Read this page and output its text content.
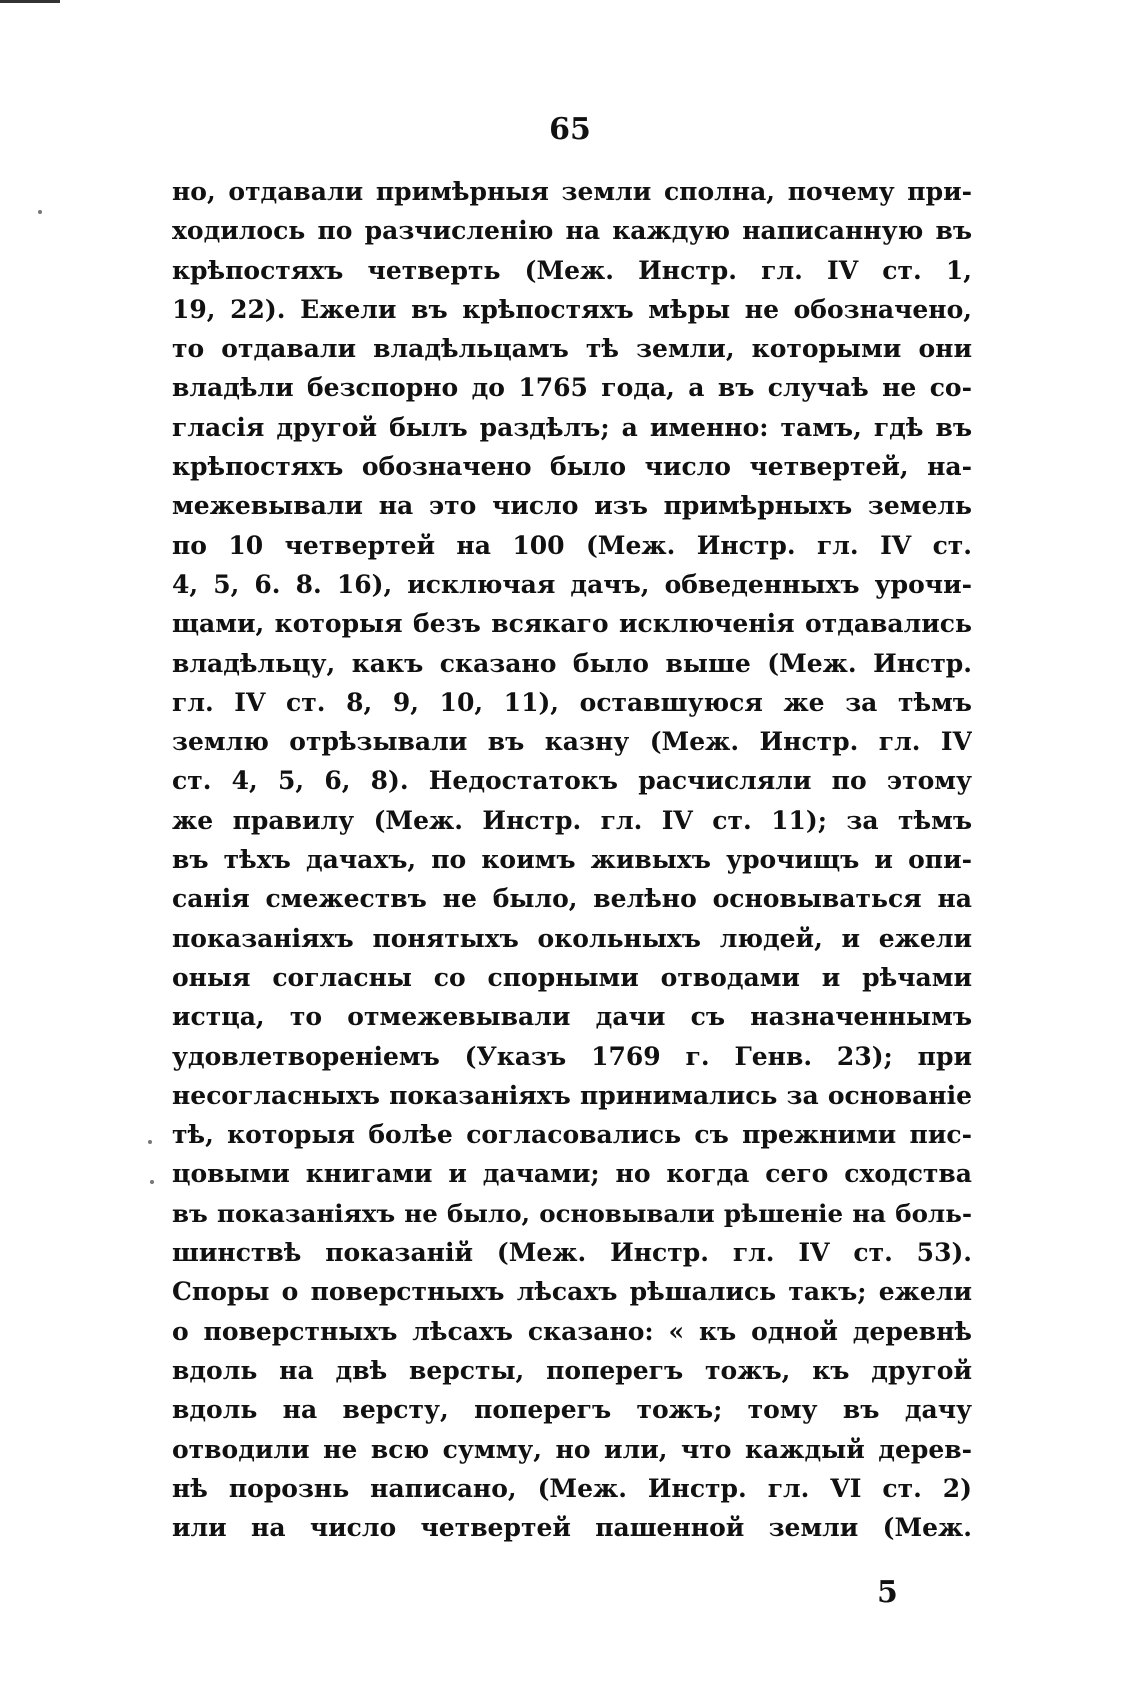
65
но, отдавали примѣрныя земли сполна, почему при-
ходилось по разчисленію на каждую написанную въ
крѣпостяхъ четверть (Меж. Инстр. гл. IV ст. 1,
19, 22). Ежели въ крѣпостяхъ мѣры не обозначено,
то отдавали владѣльцамъ тѣ земли, которыми они
владѣли безспорно до 1765 года, а въ случаѣ не со-
гласія другой былъ раздѣлъ; а именно: тамъ, гдѣ въ
крѣпостяхъ обозначено было число четвертей, на-
межевывали на это число изъ примѣрныхъ земель
по 10 четвертей на 100 (Меж. Инстр. гл. IV ст.
4, 5, 6. 8. 16), исключая дачъ, обведенныхъ урочи-
щами, которыя безъ всякаго исключенія отдавались
владѣльцу, какъ сказано было выше (Меж. Инстр.
гл. IV ст. 8, 9, 10, 11), оставшуюся же за тѣмъ
землю отрѣзывали въ казну (Меж. Инстр. гл. IV
ст. 4, 5, 6, 8). Недостатокъ расчисляли по этому
же правилу (Меж. Инстр. гл. IV ст. 11); за тѣмъ
въ тѣхъ дачахъ, по коимъ живыхъ урочищъ и опи-
санія смежествъ не было, велѣно основываться на
показаніяхъ понятыхъ окольныхъ людей, и ежели
оныя согласны со спорными отводами и рѣчами
истца, то отмежевывали дачи съ назначеннымъ
удовлетвореніемъ (Указъ 1769 г. Генв. 23); при
несогласныхъ показаніяхъ принимались за основаніе
тѣ, которыя болѣе согласовались съ прежними пис-
цовыми книгами и дачами; но когда сего сходства
въ показаніяхъ не было, основывали рѣшеніе на боль-
шинствѣ показаній (Меж. Инстр. гл. IV ст. 53).
Споры о поверстныхъ лѣсахъ рѣшались такъ; ежели
о поверстныхъ лѣсахъ сказано: « къ одной деревнѣ
вдоль на двѣ версты, поперегъ тожъ, къ другой
вдоль на версту, поперегъ тожъ; тому въ дачу
отводили не всю сумму, но или, что каждый дерев-
нѣ порознь написано, (Меж. Инстр. гл. VI ст. 2)
или на число четвертей пашенной земли (Меж.
5
